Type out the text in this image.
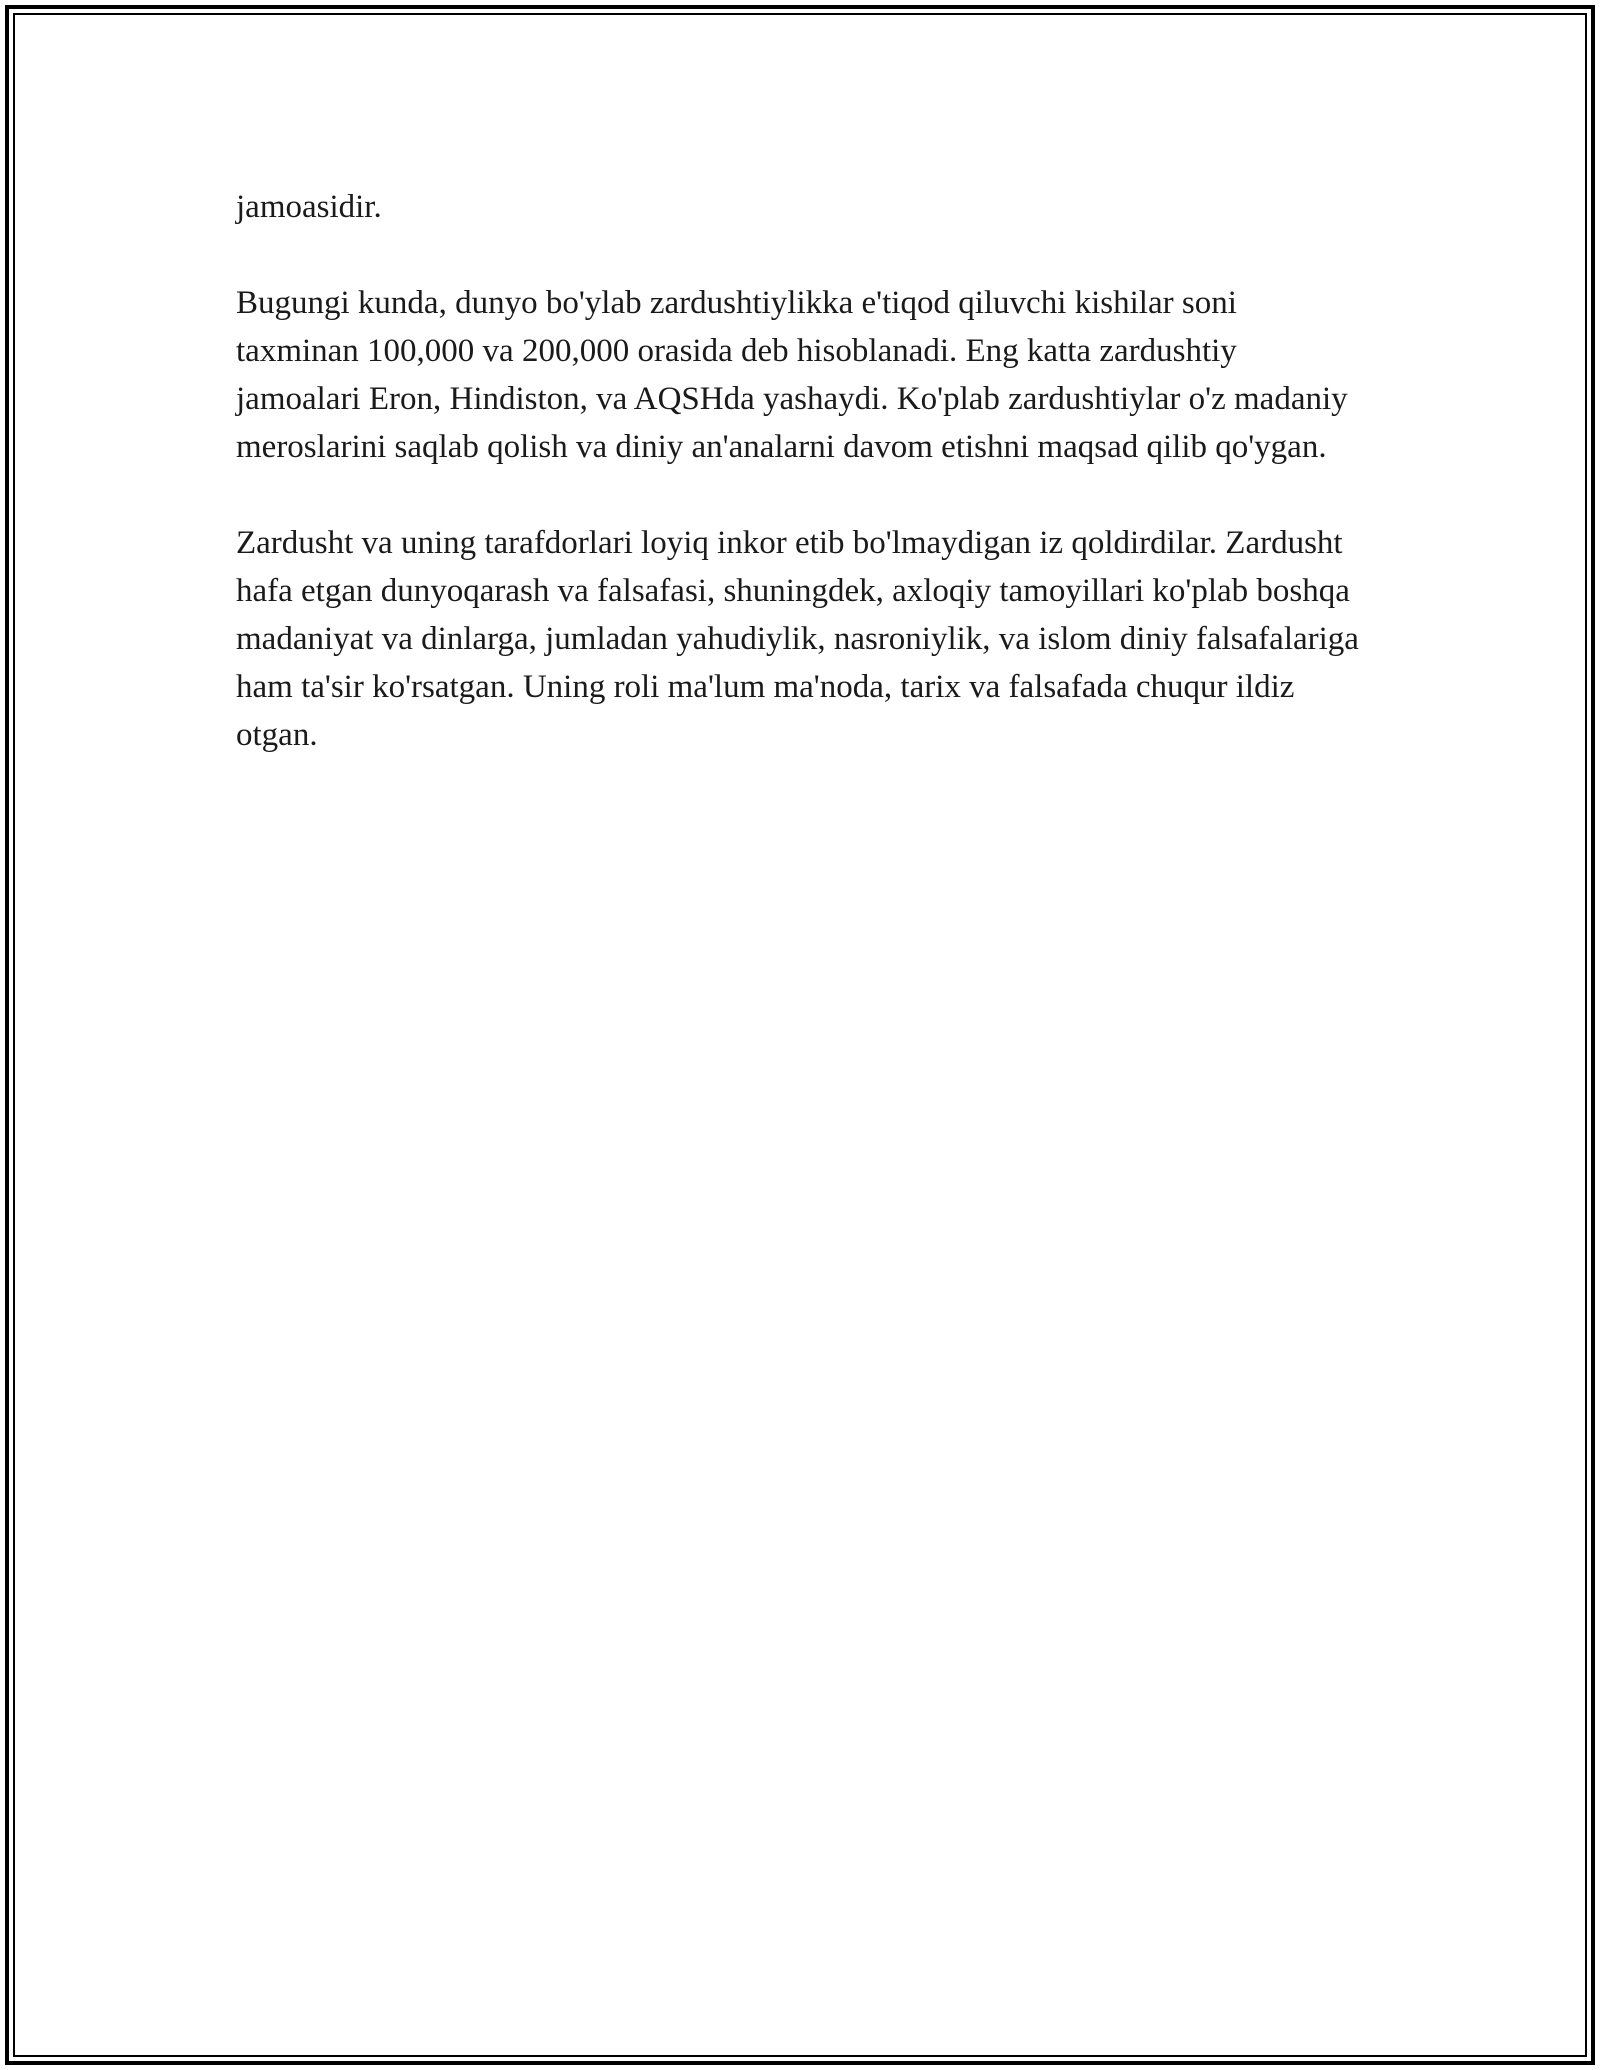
jamoasidir.

Bugungi kunda, dunyo bo'ylab zardushtiylikka e'tiqod qiluvchi kishilar soni taxminan 100,000 va 200,000 orasida deb hisoblanadi. Eng katta zardushtiy jamoalari Eron, Hindiston, va AQSHda yashaydi. Ko'plab zardushtiylar o'z madaniy meroslarini saqlab qolish va diniy an'analarni davom etishni maqsad qilib qo'ygan.

Zardusht va uning tarafdorlari loyiq inkor etib bo'lmaydigan iz qoldirdilar. Zardusht hafa etgan dunyoqarash va falsafasi, shuningdek, axloqiy tamoyillari ko'plab boshqa madaniyat va dinlarga, jumladan yahudiylik, nasroniylik, va islom diniy falsafalariga ham ta'sir ko'rsatgan. Uning roli ma'lum ma'noda, tarix va falsafada chuqur ildiz otgan.
